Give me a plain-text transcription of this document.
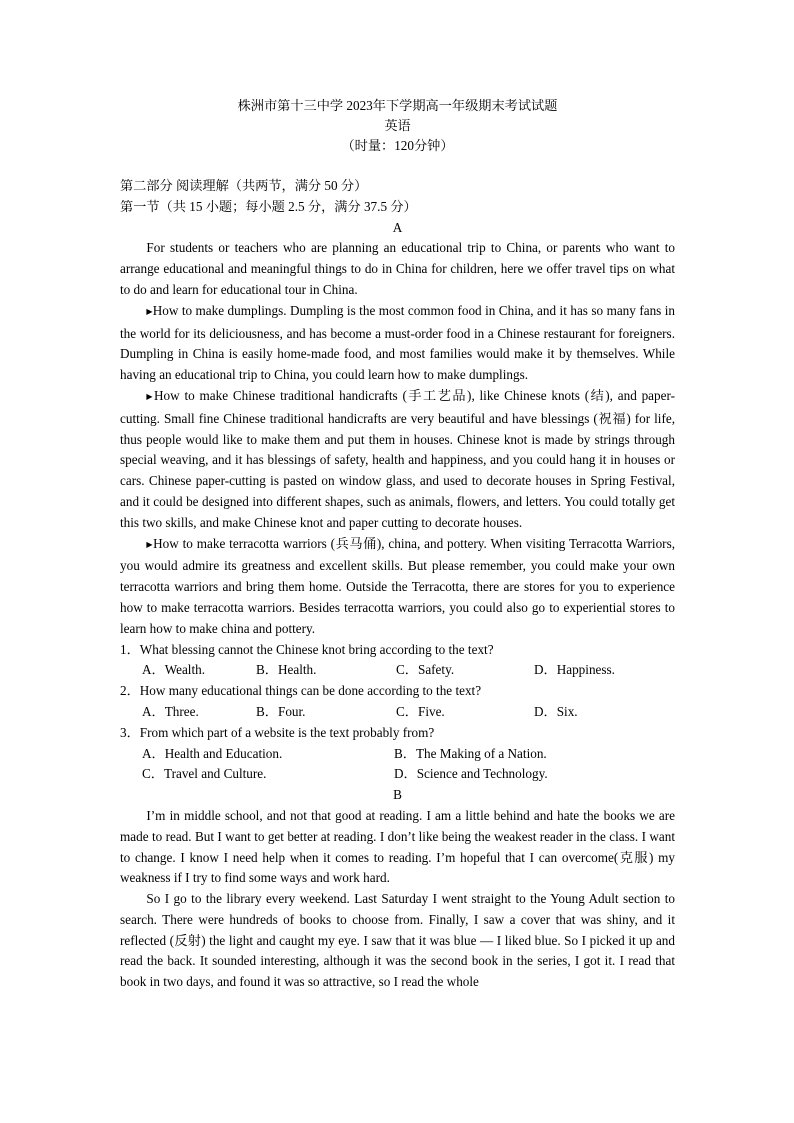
株洲市第十三中学 2023年下学期高一年级期末考试试题
英语
（时量：120分钟）
第二部分 阅读理解（共两节，满分 50 分）
第一节（共 15 小题；每小题 2.5 分，满分 37.5 分）
A

For students or teachers who are planning an educational trip to China, or parents who want to arrange educational and meaningful things to do in China for children, here we offer travel tips on what to do and learn for educational tour in China.

▶How to make dumplings. Dumpling is the most common food in China, and it has so many fans in the world for its deliciousness, and has become a must-order food in a Chinese restaurant for foreigners. Dumpling in China is easily home-made food, and most families would make it by themselves. While having an educational trip to China, you could learn how to make dumplings.

▶How to make Chinese traditional handicrafts (手工艺品), like Chinese knots (结), and paper-cutting. Small fine Chinese traditional handicrafts are very beautiful and have blessings (祝福) for life, thus people would like to make them and put them in houses. Chinese knot is made by strings through special weaving, and it has blessings of safety, health and happiness, and you could hang it in houses or cars. Chinese paper-cutting is pasted on window glass, and used to decorate houses in Spring Festival, and it could be designed into different shapes, such as animals, flowers, and letters. You could totally get this two skills, and make Chinese knot and paper cutting to decorate houses.

▶How to make terracotta warriors (兵马俑), china, and pottery. When visiting Terracotta Warriors, you would admire its greatness and excellent skills. But please remember, you could make your own terracotta warriors and bring them home. Outside the Terracotta, there are stores for you to experience how to make terracotta warriors. Besides terracotta warriors, you could also go to experiential stores to learn how to make china and pottery.

1．What blessing cannot the Chinese knot bring according to the text?
A．Wealth.	B．Health.	C．Safety.	D．Happiness.
2．How many educational things can be done according to the text?
A．Three.	B．Four.	C．Five.	D．Six.
3．From which part of a website is the text probably from?
A．Health and Education.	B．The Making of a Nation.
C．Travel and Culture.	D．Science and Technology.
B

I’m in middle school, and not that good at reading. I am a little behind and hate the books we are made to read. But I want to get better at reading. I don’t like being the weakest reader in the class. I want to change. I know I need help when it comes to reading. I’m hopeful that I can overcome(克服) my weakness if I try to find some ways and work hard.

So I go to the library every weekend. Last Saturday I went straight to the Young Adult section to search. There were hundreds of books to choose from. Finally, I saw a cover that was shiny, and it reflected (反射) the light and caught my eye. I saw that it was blue — I liked blue. So I picked it up and read the back. It sounded interesting, although it was the second book in the series, I got it. I read that book in two days, and found it was so attractive, so I read the whole
